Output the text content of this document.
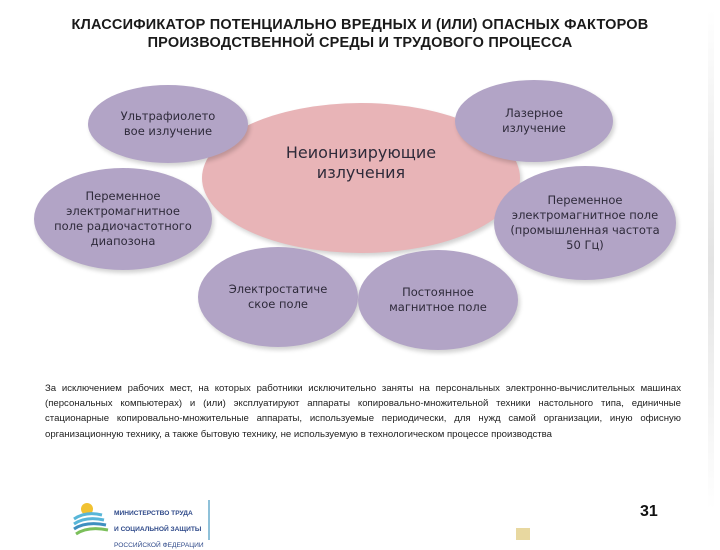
КЛАССИФИКАТОР ПОТЕНЦИАЛЬНО ВРЕДНЫХ И (ИЛИ) ОПАСНЫХ ФАКТОРОВ
ПРОИЗВОДСТВЕННОЙ СРЕДЫ И ТРУДОВОГО ПРОЦЕССА
Неионизирующие
излучения
Ультрафиолето
вое излучение
Лазерное
излучение
Переменное
электромагнитное
поле радиочастотного
диапозона
Переменное
электромагнитное поле
(промышленная частота
50 Гц)
Электростатиче
ское поле
Постоянное
магнитное поле
За исключением рабочих мест, на которых работники исключительно заняты на персональных электронно-вычислительных машинах (персональных компьютерах) и (или) эксплуатируют аппараты копировально-множительной техники настольного типа, единичные стационарные копировально-множительные аппараты, используемые периодически, для нужд самой организации, иную офисную организационную технику, а также бытовую технику, не используемую в технологическом процессе производства

МИНИСТЕРСТВО ТРУДА

И СОЦИАЛЬНОЙ ЗАЩИТЫ

РОССИЙСКОЙ ФЕДЕРАЦИИ

31
